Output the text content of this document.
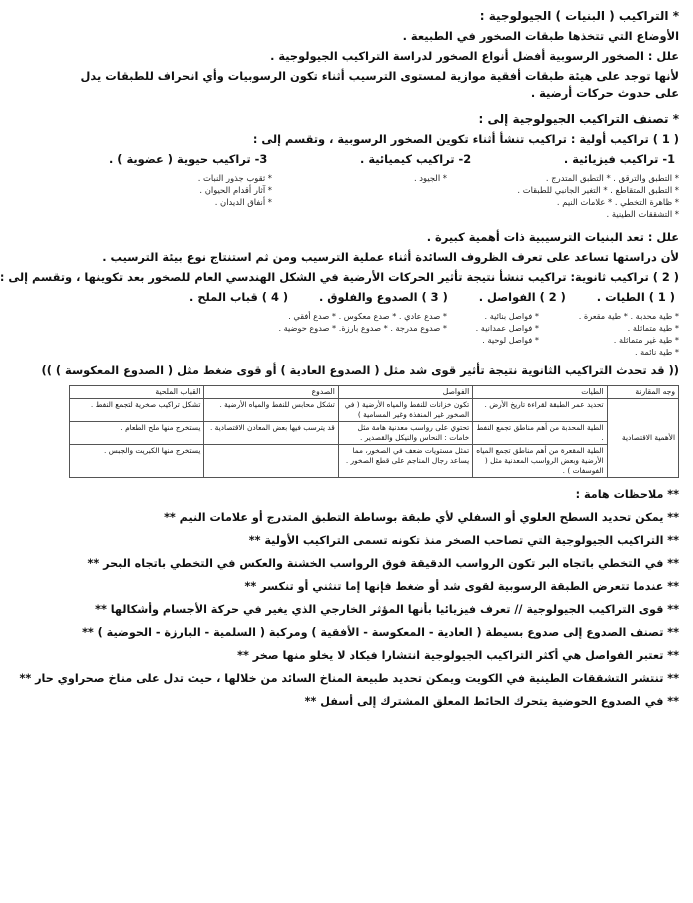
* التراكيب ( البنيات ) الجيولوجية :
الأوضاع التي تتخذها طبقات الصخور في الطبيعة .
علل : الصخور الرسوبية أفضل أنواع الصخور لدراسة التراكيب الجيولوجية .
لأنها توجد على هيئة طبقات أفقية موازية لمستوى الترسيب أثناء تكون الرسوبيات وأي انحراف للطبقات يدل على حدوث حركات أرضية .
* تصنف التراكيب الجيولوجية إلى :
( 1 ) تراكيب أولية : تراكيب تنشأ أثناء تكوين الصخور الرسوبية ، وتقسم إلى :
1- تراكيب فيزيائية .
2- تراكيب كيميائية .
3- تراكيب حيوية ( عضوية ) .
* التطبق والترقق . * التطبق المتدرج .
* التطبق المتقاطع . * التغير الجانبي للطبقات .
* ظاهرة التخطي . * علامات النيم .
* التشققات الطينية .
* الجيود .
* ثقوب جذور النبات .
* آثار أقدام الحيوان .
* أنفاق الديدان .
علل : تعد البنيات الترسيبية ذات أهمية كبيرة .
لأن دراستها تساعد على تعرف الظروف السائدة أثناء عملية الترسيب ومن ثم استنتاج نوع بيئة الترسيب .
( 2 ) تراكيب ثانوية: تراكيب تنشأ نتيجة تأثير الحركات الأرضية في الشكل الهندسي العام للصخور بعد تكوينها ، وتقسم إلى :
( 1 ) الطيات .
( 2 ) الفواصل .
( 3 ) الصدوع والفلوق .
( 4 ) قباب الملح .
* طية محدبة . * طية مقعرة .
* طية متماثلة .
* طية غير متماثلة .
* طية نائمة .
* فواصل بنائية .
* فواصل عمدانية .
* فواصل لوحية .
* صدع عادي . * صدع معكوس . * صدع أفقي .
* صدوع مدرجة . * صدوع بارزة. * صدوع حوضية .
(( قد تحدث التراكيب الثانوية نتيجة تأثير قوى شد مثل ( الصدوع العادية ) أو قوى ضغط مثل ( الصدوع المعكوسة ) ))
وجه المقارنة	الطيات	الفواصل	الصدوع	القباب الملحية
الأهمية الاقتصادية	تحديد عمر الطبقة لقراءة تاريخ الأرض .	تكون خزانات للنفط والمياه الأرضية ( في الصخور غير المنفذة وغير المسامية )	تشكل محابس للنفط والمياه الأرضية .	تشكل تراكيب صخرية لتجمع النفط .
	الطية المحدبة من أهم مناطق تجمع النفط .	تحتوي على رواسب معدنية هامة مثل خامات : النحاس والنيكل والقصدير .	قد يترسب فيها بعض المعادن الاقتصادية .	يستخرج منها ملح الطعام .
	الطية المقعرة من أهم مناطق تجمع المياه الأرضية وبعض الرواسب المعدنية مثل ( الفوسفات ) .	تمثل مستويات ضعف في الصخور، مما يساعد رجال المناجم على قطع الصخور .		يستخرج منها الكبريت والجبس .
** ملاحظات هامة :
** يمكن تحديد السطح العلوي أو السفلي لأي طبقة بوساطة التطبق المتدرج أو علامات النيم **
** التراكيب الجيولوجية التي تصاحب الصخر منذ تكونه تسمى التراكيب الأولية **
** في التخطي باتجاه البر تكون الرواسب الدقيقة فوق الرواسب الخشنة والعكس في التخطي باتجاه البحر **
** عندما تتعرض الطبقة الرسوبية لقوى شد أو ضغط فإنها إما تنثني أو تنكسر **
** قوى التراكيب الجيولوجية // تعرف فيزيائيا بأنها المؤثر الخارجي الذي يغير في حركة الأجسام وأشكالها **
** تصنف الصدوع إلى صدوع بسيطة ( العادية - المعكوسة - الأفقية ) ومركبة ( السلمية - البارزة - الحوضية ) **
** تعتبر الفواصل هي أكثر التراكيب الجيولوجية انتشارا فيكاد لا يخلو منها صخر **
** تنتشر التشققات الطينية في الكويت ويمكن تحديد طبيعة المناخ السائد من خلالها ، حيث تدل على مناخ صحراوي حار **
** في الصدوع الحوضية يتحرك الحائط المعلق المشترك إلى أسفل **
